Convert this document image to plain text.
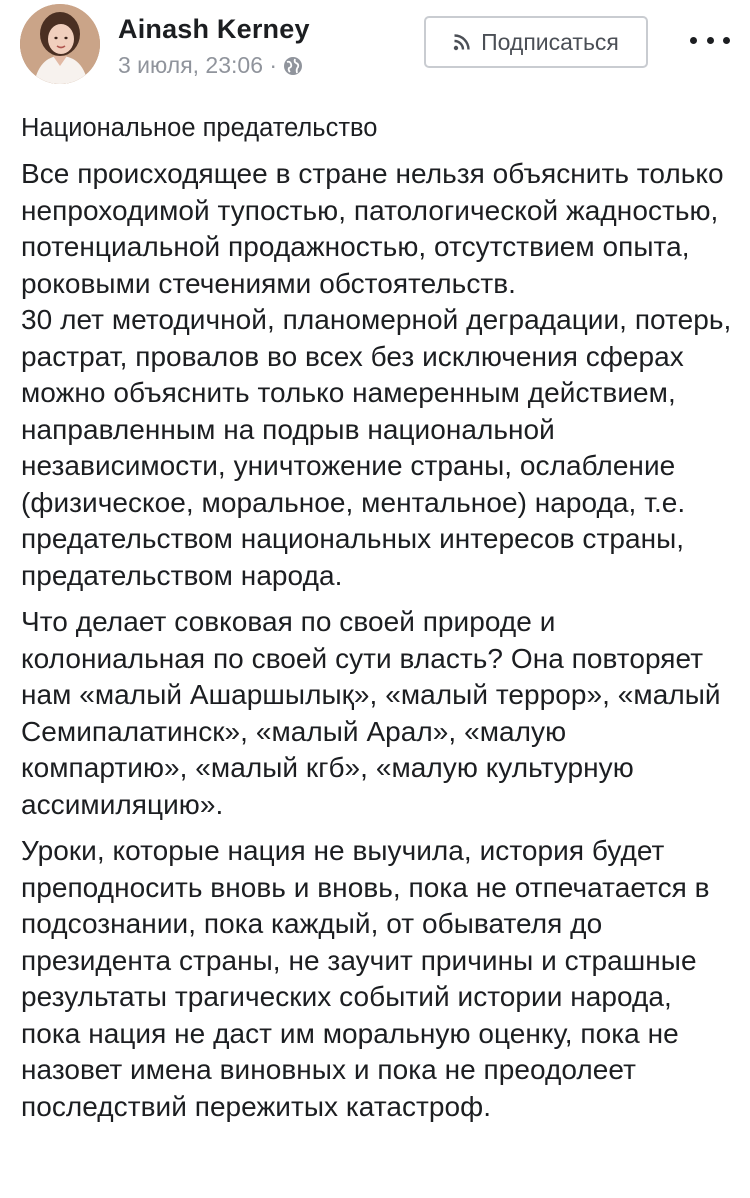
Ainash Kerney
3 июля, 23:06 ·
Подписаться
Национальное предательство
Все происходящее в стране нельзя объяснить только непроходимой тупостью, патологической жадностью, потенциальной продажностью, отсутствием опыта, роковыми стечениями обстоятельств.
30 лет методичной, планомерной деградации, потерь, растрат, провалов во всех без исключения сферах можно объяснить только намеренным действием, направленным на подрыв национальной независимости, уничтожение страны, ослабление (физическое, моральное, ментальное) народа, т.е. предательством национальных интересов страны, предательством народа.
Что делает совковая по своей природе и колониальная по своей сути власть? Она повторяет нам «малый Ашаршылық», «малый террор», «малый Семипалатинск», «малый Арал», «малую компартию», «малый кгб», «малую культурную ассимиляцию».
Уроки, которые нация не выучила, история будет преподносить вновь и вновь, пока не отпечатается в подсознании, пока каждый, от обывателя до президента страны, не заучит причины и страшные результаты трагических событий истории народа, пока нация не даст им моральную оценку, пока не назовет имена виновных и пока не преодолеет последствий пережитых катастроф.
